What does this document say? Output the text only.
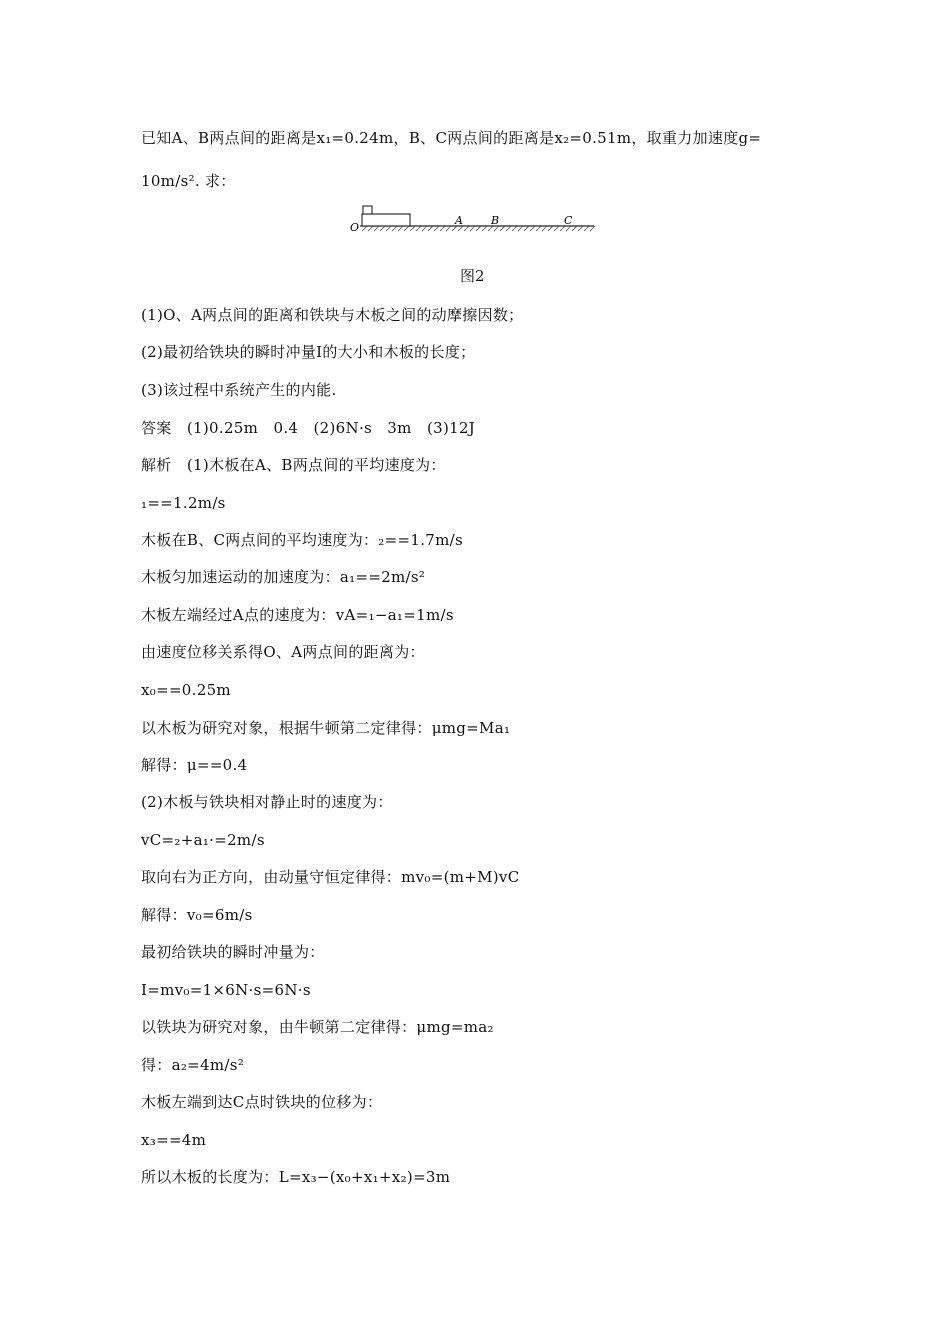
已知A、B两点间的距离是x₁=0.24m，B、C两点间的距离是x₂=0.51m，取重力加速度g=
10m/s². 求：
O
A	B	C
图2
(1)O、A两点间的距离和铁块与木板之间的动摩擦因数；
(2)最初给铁块的瞬时冲量I的大小和木板的长度；
(3)该过程中系统产生的内能.
答案　(1)0.25m　0.4　(2)6N·s　3m　(3)12J
解析　(1)木板在A、B两点间的平均速度为：
₁==1.2m/s
木板在B、C两点间的平均速度为：₂==1.7m/s
木板匀加速运动的加速度为：a₁==2m/s²
木板左端经过A点的速度为：vA=₁−a₁=1m/s
由速度位移关系得O、A两点间的距离为：
x₀==0.25m
以木板为研究对象，根据牛顿第二定律得：μmg=Ma₁
解得：μ==0.4
(2)木板与铁块相对静止时的速度为：
vC=₂+a₁·=2m/s
取向右为正方向，由动量守恒定律得：mv₀=(m+M)vC
解得：v₀=6m/s
最初给铁块的瞬时冲量为：
I=mv₀=1×6N·s=6N·s
以铁块为研究对象，由牛顿第二定律得：μmg=ma₂
得：a₂=4m/s²
木板左端到达C点时铁块的位移为：
x₃==4m
所以木板的长度为：L=x₃−(x₀+x₁+x₂)=3m
